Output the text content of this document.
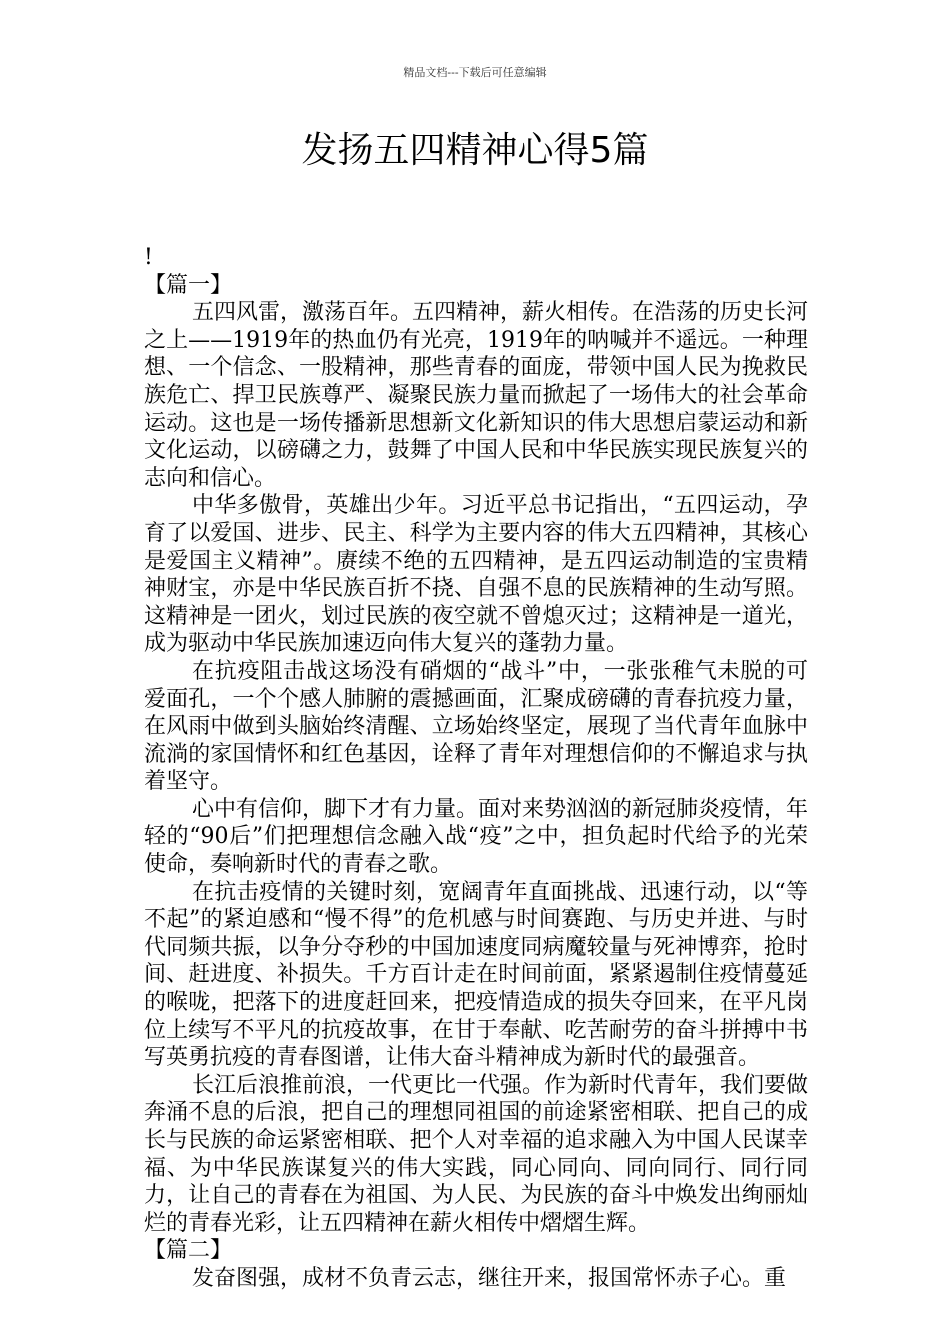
精品文档---下载后可任意编辑
发扬五四精神心得5篇

!

【篇一】

五四风雷，激荡百年。五四精神，薪火相传。在浩荡的历史长河之上——1919年的热血仍有光亮，1919年的呐喊并不遥远。一种理想、一个信念、一股精神，那些青春的面庞，带领中国人民为挽救民族危亡、捍卫民族尊严、凝聚民族力量而掀起了一场伟大的社会革命运动。这也是一场传播新思想新文化新知识的伟大思想启蒙运动和新文化运动，以磅礴之力，鼓舞了中国人民和中华民族实现民族复兴的志向和信心。

中华多傲骨，英雄出少年。习近平总书记指出，“五四运动，孕育了以爱国、进步、民主、科学为主要内容的伟大五四精神，其核心是爱国主义精神”。赓续不绝的五四精神，是五四运动制造的宝贵精神财宝，亦是中华民族百折不挠、自强不息的民族精神的生动写照。这精神是一团火，划过民族的夜空就不曾熄灭过；这精神是一道光，成为驱动中华民族加速迈向伟大复兴的蓬勃力量。

在抗疫阻击战这场没有硝烟的“战斗”中，一张张稚气未脱的可爱面孔，一个个感人肺腑的震撼画面，汇聚成磅礴的青春抗疫力量，在风雨中做到头脑始终清醒、立场始终坚定，展现了当代青年血脉中流淌的家国情怀和红色基因，诠释了青年对理想信仰的不懈追求与执着坚守。

心中有信仰，脚下才有力量。面对来势汹汹的新冠肺炎疫情，年轻的“90后”们把理想信念融入战“疫”之中，担负起时代给予的光荣使命，奏响新时代的青春之歌。

在抗击疫情的关键时刻，宽阔青年直面挑战、迅速行动，以“等不起”的紧迫感和“慢不得”的危机感与时间赛跑、与历史并进、与时代同频共振，以争分夺秒的中国加速度同病魔较量与死神博弈，抢时间、赶进度、补损失。千方百计走在时间前面，紧紧遏制住疫情蔓延的喉咙，把落下的进度赶回来，把疫情造成的损失夺回来，在平凡岗位上续写不平凡的抗疫故事，在甘于奉献、吃苦耐劳的奋斗拼搏中书写英勇抗疫的青春图谱，让伟大奋斗精神成为新时代的最强音。

长江后浪推前浪，一代更比一代强。作为新时代青年，我们要做奔涌不息的后浪，把自己的理想同祖国的前途紧密相联、把自己的成长与民族的命运紧密相联、把个人对幸福的追求融入为中国人民谋幸福、为中华民族谋复兴的伟大实践，同心同向、同向同行、同行同力，让自己的青春在为祖国、为人民、为民族的奋斗中焕发出绚丽灿烂的青春光彩，让五四精神在薪火相传中熠熠生辉。

【篇二】

发奋图强，成材不负青云志，继往开来，报国常怀赤子心。重
